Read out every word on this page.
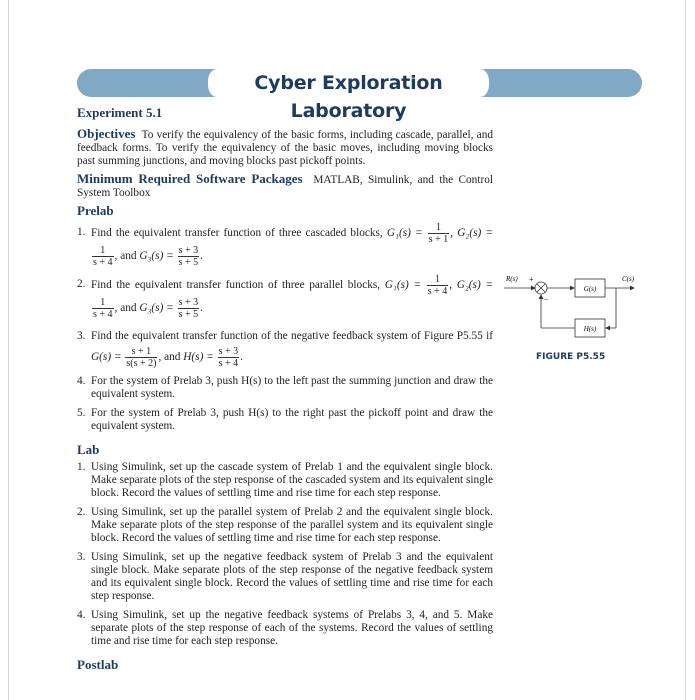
Cyber Exploration Laboratory
Experiment 5.1

Objectives To verify the equivalency of the basic forms, including cascade, parallel, and feedback forms. To verify the equivalency of the basic moves, including moving blocks past summing junctions, and moving blocks past pickoff points.

Minimum Required Software Packages MATLAB, Simulink, and the Control System Toolbox

Prelab
1. Find the equivalent transfer function of three cascaded blocks, $G_1(s) = \frac{1}{s + 1}$ , G₂(s) =
$\frac{1}{s + 4}$ , and $G_3(s) = \frac{s + 3}{s + 5}$ .
2. Find the equivalent transfer function of three parallel blocks, $G_1(s) = \frac{1}{s + 4}$ , G₂(s) =
$\frac{1}{s + 4}$ , and $G_3(s) = \frac{s + 3}{s + 5}$ .
3. Find the equivalent transfer function of the negative feedback system of Figure P5.55 if $G(s) = \frac{s + 1}{s(s + 2)}$ , and $H(s) = \frac{s + 3}{s + 4}$ .
4. For the system of Prelab 3, push H(s) to the left past the summing junction and draw the equivalent system.
5. For the system of Prelab 3, push H(s) to the right past the pickoff point and draw the equivalent system.
Lab
1. Using Simulink, set up the cascade system of Prelab 1 and the equivalent single block. Make separate plots of the step response of the cascaded system and its equivalent single block. Record the values of settling time and rise time for each step response.
2. Using Simulink, set up the parallel system of Prelab 2 and the equivalent single block. Make separate plots of the step response of the parallel system and its equivalent single block. Record the values of settling time and rise time for each step response.
3. Using Simulink, set up the negative feedback system of Prelab 3 and the equivalent single block. Make separate plots of the step response of the negative feedback system and its equivalent single block. Record the values of settling time and rise time for each step response.
4. Using Simulink, set up the negative feedback systems of Prelabs 3, 4, and 5. Make separate plots of the step response of each of the systems. Record the values of settling time and rise time for each step response.
Postlab
R(s) +
G(s)
C(s)
H(s)
−
FIGURE P5.55
